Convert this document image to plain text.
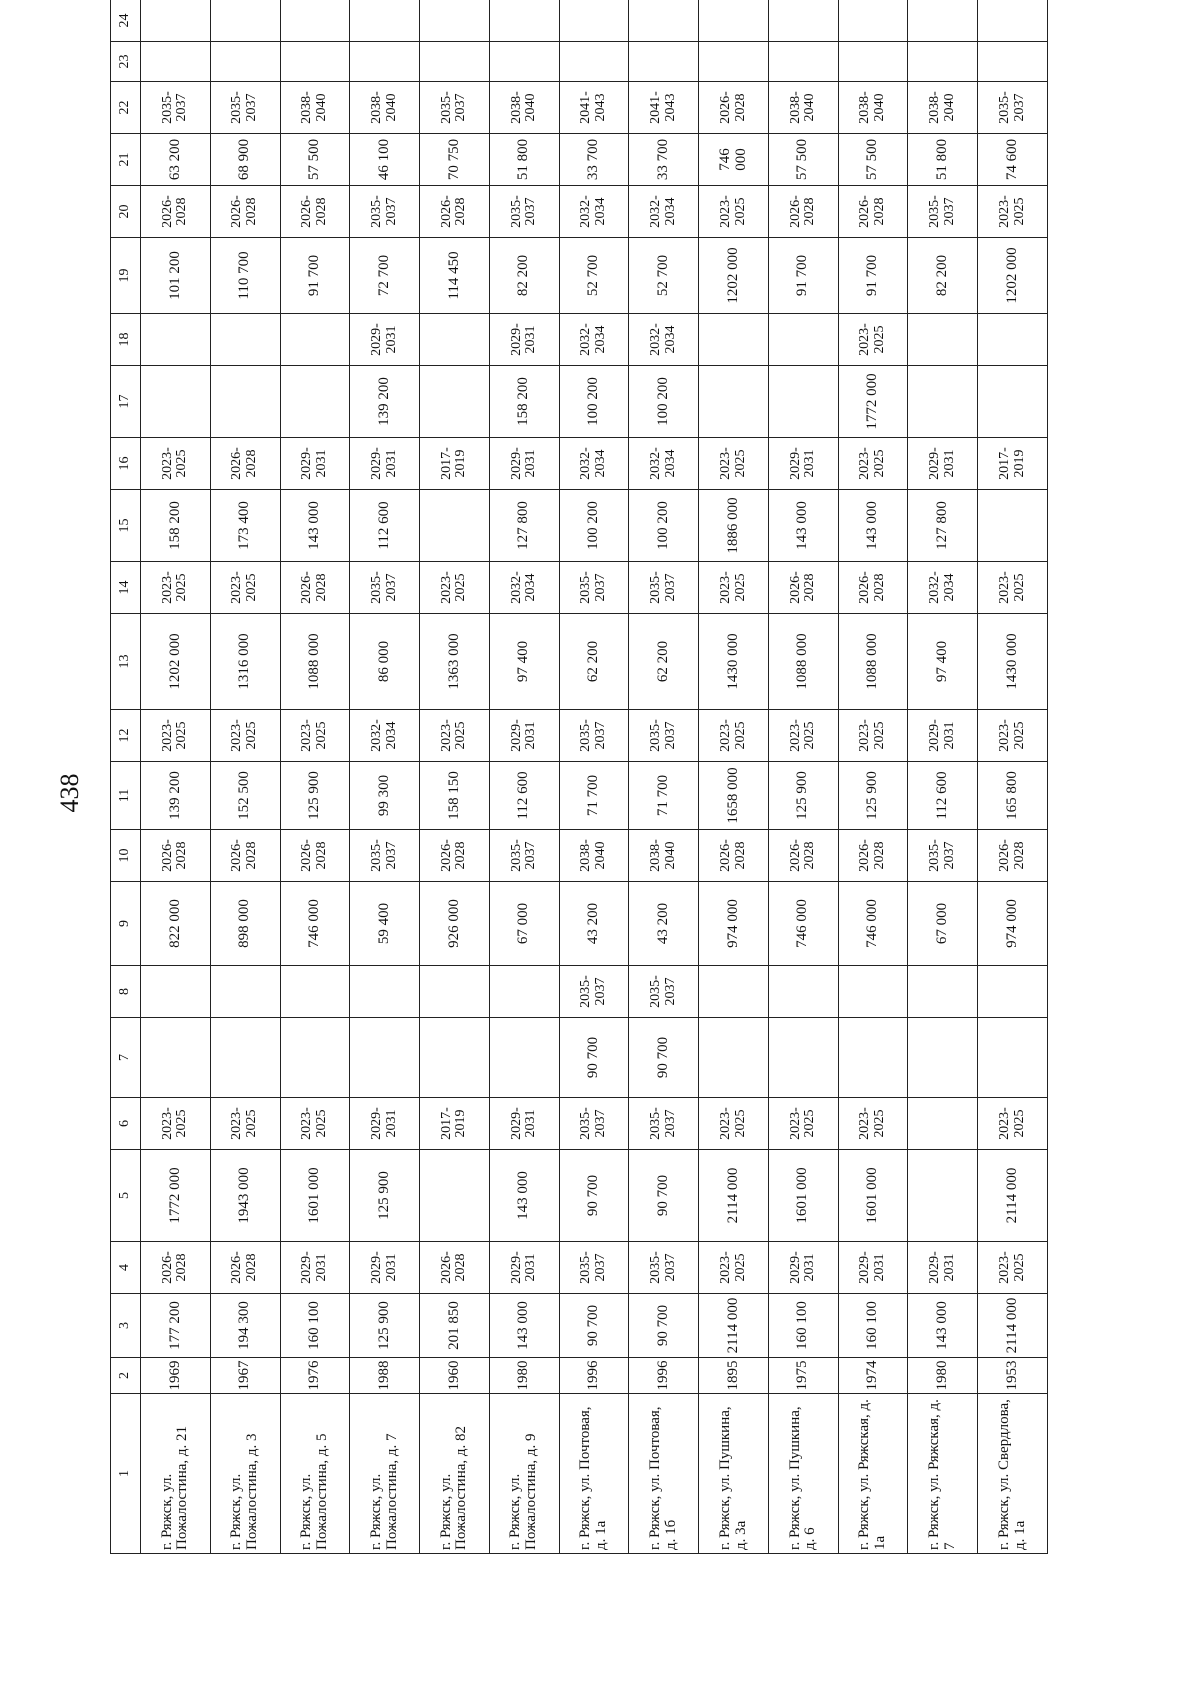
438
1	2	3	4	5	6	7	8	9	10	11	12	13	14	15	16	17	18	19	20	21	22	23	24
г. Ряжск, ул. Пожалостина, д. 21	1969	177 200	2026-2028	1772 000	2023-2025			822 000	2026-2028	139 200	2023-2025	1202 000	2023-2025	158 200	2023-2025			101 200	2026-2028	63 200	2035-2037		
г. Ряжск, ул. Пожалостина, д. 3	1967	194 300	2026-2028	1943 000	2023-2025			898 000	2026-2028	152 500	2023-2025	1316 000	2023-2025	173 400	2026-2028			110 700	2026-2028	68 900	2035-2037		
г. Ряжск, ул. Пожалостина, д. 5	1976	160 100	2029-2031	1601 000	2023-2025			746 000	2026-2028	125 900	2023-2025	1088 000	2026-2028	143 000	2029-2031			91 700	2026-2028	57 500	2038-2040		
г. Ряжск, ул. Пожалостина, д. 7	1988	125 900	2029-2031	125 900	2029-2031			59 400	2035-2037	99 300	2032-2034	86 000	2035-2037	112 600	2029-2031	139 200	2029-2031	72 700	2035-2037	46 100	2038-2040		
г. Ряжск, ул. Пожалостина, д. 82	1960	201 850	2026-2028		2017-2019			926 000	2026-2028	158 150	2023-2025	1363 000	2023-2025		2017-2019			114 450	2026-2028	70 750	2035-2037		
г. Ряжск, ул. Пожалостина, д. 9	1980	143 000	2029-2031	143 000	2029-2031			67 000	2035-2037	112 600	2029-2031	97 400	2032-2034	127 800	2029-2031	158 200	2029-2031	82 200	2035-2037	51 800	2038-2040		
г. Ряжск, ул. Почтовая, д. 1а	1996	90 700	2035-2037	90 700	2035-2037	90 700	2035-2037	43 200	2038-2040	71 700	2035-2037	62 200	2035-2037	100 200	2032-2034	100 200	2032-2034	52 700	2032-2034	33 700	2041-2043		
г. Ряжск, ул. Почтовая, д. 1б	1996	90 700	2035-2037	90 700	2035-2037	90 700	2035-2037	43 200	2038-2040	71 700	2035-2037	62 200	2035-2037	100 200	2032-2034	100 200	2032-2034	52 700	2032-2034	33 700	2041-2043		
г. Ряжск, ул. Пушкина, д. 3а	1895	2114 000	2023-2025	2114 000	2023-2025			974 000	2026-2028	1658 000	2023-2025	1430 000	2023-2025	1886 000	2023-2025			1202 000	2023-2025	746 000	2026-2028		
г. Ряжск, ул. Пушкина, д. 6	1975	160 100	2029-2031	1601 000	2023-2025			746 000	2026-2028	125 900	2023-2025	1088 000	2026-2028	143 000	2029-2031			91 700	2026-2028	57 500	2038-2040		
г. Ряжск, ул. Ряжская, д. 1а	1974	160 100	2029-2031	1601 000	2023-2025			746 000	2026-2028	125 900	2023-2025	1088 000	2026-2028	143 000	2023-2025	1772 000	2023-2025	91 700	2026-2028	57 500	2038-2040		
г. Ряжск, ул. Ряжская, д. 7	1980	143 000	2029-2031					67 000	2035-2037	112 600	2029-2031	97 400	2032-2034	127 800	2029-2031			82 200	2035-2037	51 800	2038-2040		
г. Ряжск, ул. Свердлова, д. 1а	1953	2114 000	2023-2025	2114 000	2023-2025			974 000	2026-2028	165 800	2023-2025	1430 000	2023-2025		2017-2019			1202 000	2023-2025	74 600	2035-2037		
